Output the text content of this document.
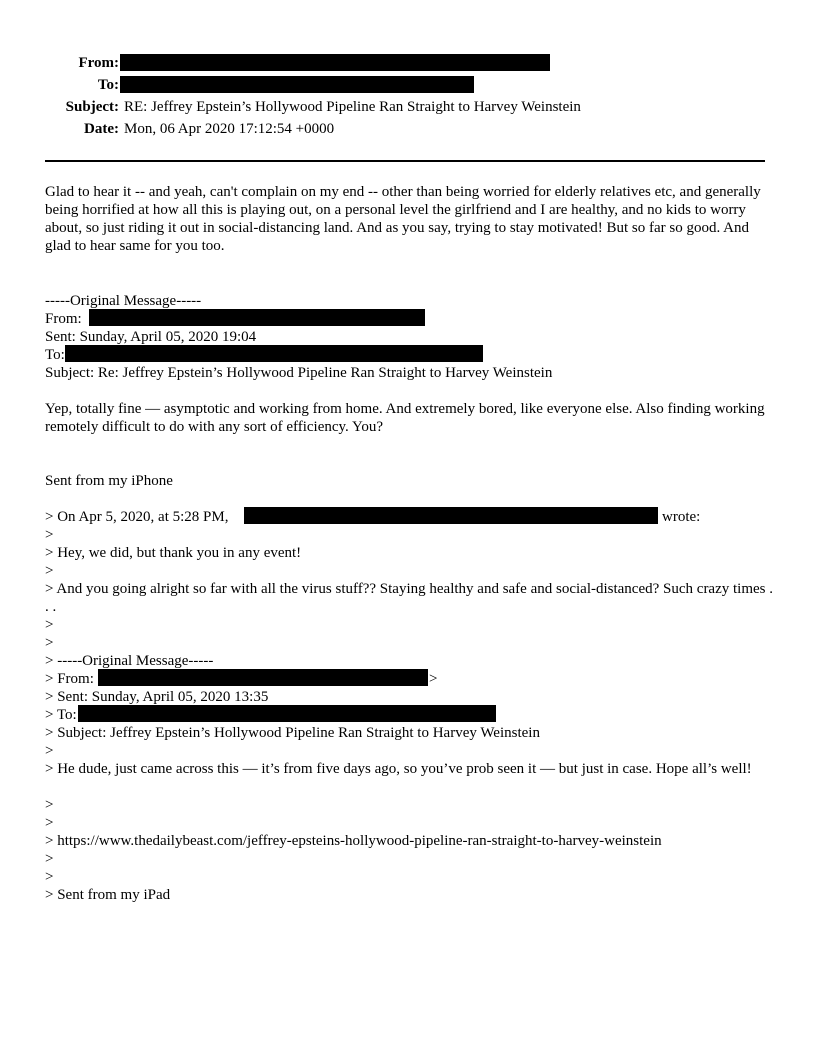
From:
To:
Subject: RE: Jeffrey Epstein’s Hollywood Pipeline Ran Straight to Harvey Weinstein
Date: Mon, 06 Apr 2020 17:12:54 +0000
Glad to hear it -- and yeah, can't complain on my end -- other than being worried for elderly relatives etc, and generally being horrified at how all this is playing out, on a personal level the girlfriend and I are healthy, and no kids to worry about, so just riding it out in social-distancing land. And as you say, trying to stay motivated! But so far so good. And glad to hear same for you too.
-----Original Message-----
From:
Sent: Sunday, April 05, 2020 19:04
To:
Subject: Re: Jeffrey Epstein’s Hollywood Pipeline Ran Straight to Harvey Weinstein
Yep, totally fine — asymptotic and working from home. And extremely bored, like everyone else. Also finding working remotely difficult to do with any sort of efficiency. You?
Sent from my iPhone
> On Apr 5, 2020, at 5:28 PM,	wrote:
>
> Hey, we did, but thank you in any event!
>
> And you going alright so far with all the virus stuff?? Staying healthy and safe and social-distanced? Such crazy times . . .
>
>
> -----Original Message-----
> From:	>
> Sent: Sunday, April 05, 2020 13:35
> To:
> Subject: Jeffrey Epstein’s Hollywood Pipeline Ran Straight to Harvey Weinstein
>
> He dude, just came across this — it’s from five days ago, so you’ve prob seen it — but just in case. Hope all’s well!
>
>
> https://www.thedailybeast.com/jeffrey-epsteins-hollywood-pipeline-ran-straight-to-harvey-weinstein
>
>
> Sent from my iPad
